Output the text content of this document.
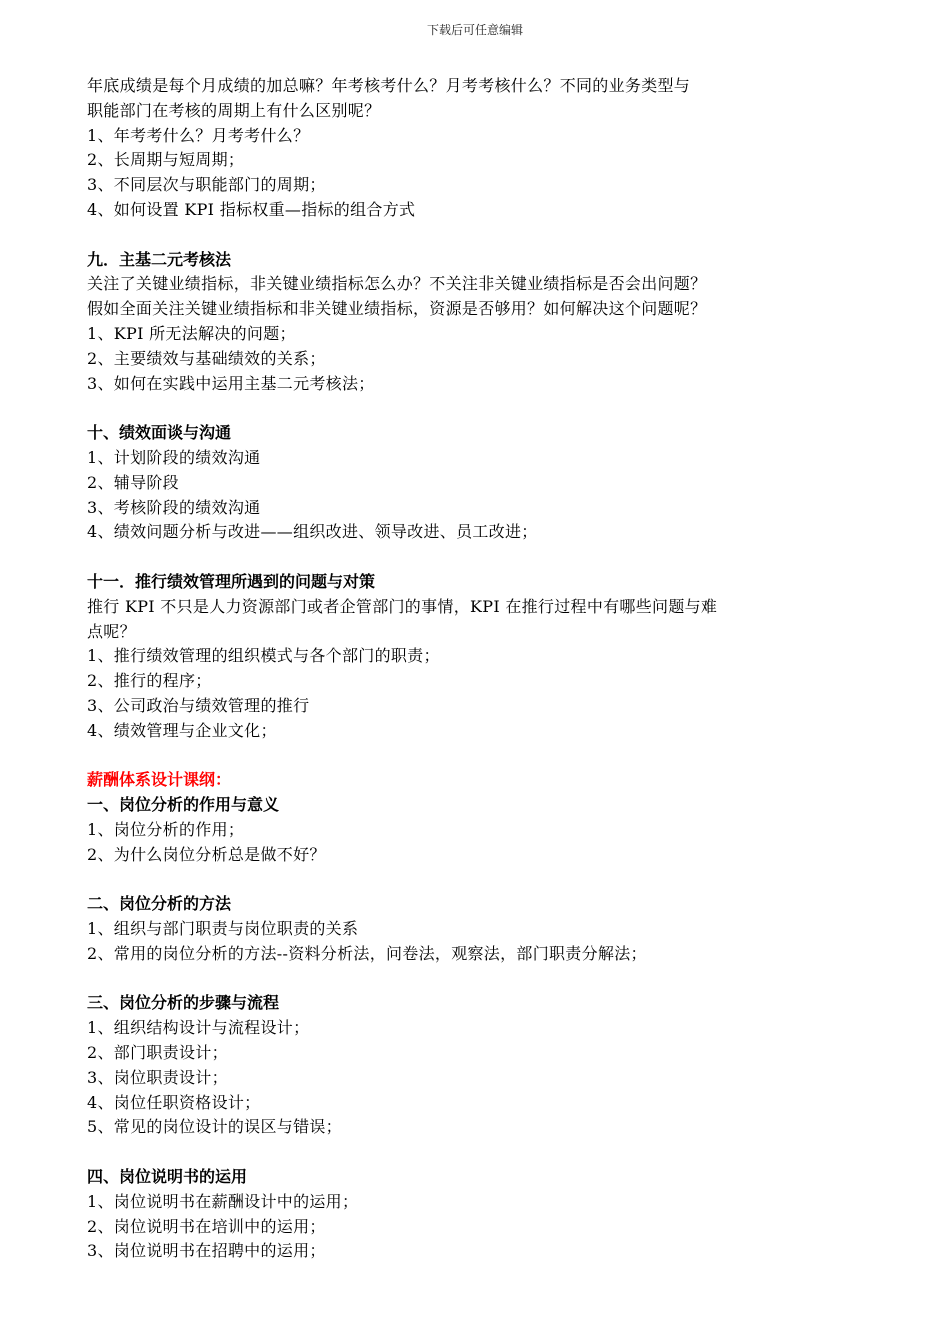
下载后可任意编辑
年底成绩是每个月成绩的加总嘛？年考核考什么？月考考核什么？不同的业务类型与
职能部门在考核的周期上有什么区别呢？
1、年考考什么？月考考什么？
2、长周期与短周期；
3、不同层次与职能部门的周期；
4、如何设置 KPI 指标权重—指标的组合方式
九．主基二元考核法
关注了关键业绩指标，非关键业绩指标怎么办？不关注非关键业绩指标是否会出问题？
假如全面关注关键业绩指标和非关键业绩指标，资源是否够用？如何解决这个问题呢？
1、KPI 所无法解决的问题；
2、主要绩效与基础绩效的关系；
3、如何在实践中运用主基二元考核法；
十、绩效面谈与沟通
1、计划阶段的绩效沟通
2、辅导阶段
3、考核阶段的绩效沟通
4、绩效问题分析与改进——组织改进、领导改进、员工改进；
十一．推行绩效管理所遇到的问题与对策
推行 KPI 不只是人力资源部门或者企管部门的事情，KPI 在推行过程中有哪些问题与难
点呢？
1、推行绩效管理的组织模式与各个部门的职责；
2、推行的程序；
3、公司政治与绩效管理的推行
4、绩效管理与企业文化；
薪酬体系设计课纲：
一、岗位分析的作用与意义
1、岗位分析的作用；
2、为什么岗位分析总是做不好？
二、岗位分析的方法
1、组织与部门职责与岗位职责的关系
2、常用的岗位分析的方法--资料分析法，问卷法，观察法，部门职责分解法；
三、岗位分析的步骤与流程
1、组织结构设计与流程设计；
2、部门职责设计；
3、岗位职责设计；
4、岗位任职资格设计；
5、常见的岗位设计的误区与错误；
四、岗位说明书的运用
1、岗位说明书在薪酬设计中的运用；
2、岗位说明书在培训中的运用；
3、岗位说明书在招聘中的运用；
